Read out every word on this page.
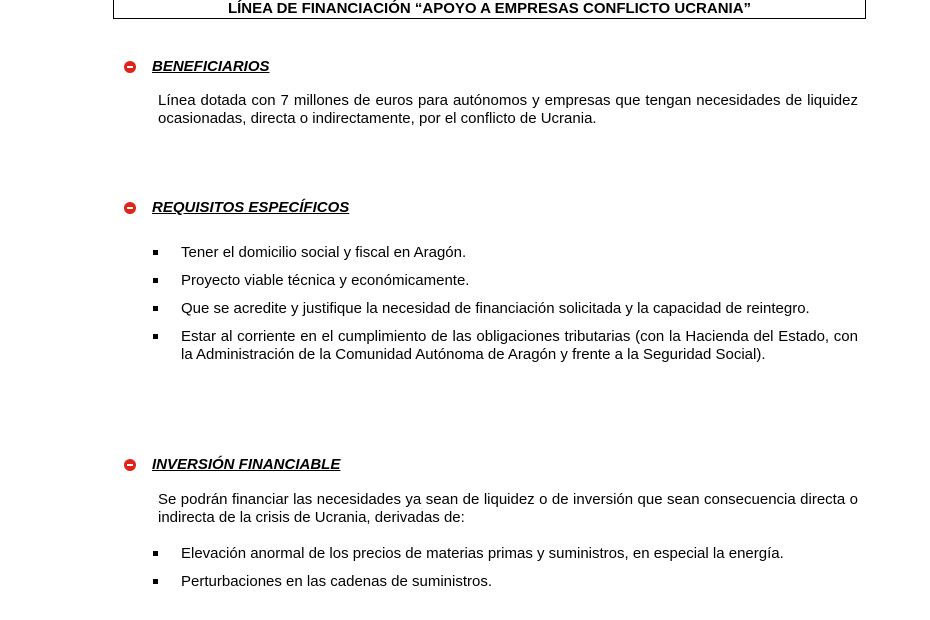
LÍNEA DE FINANCIACIÓN “APOYO A EMPRESAS CONFLICTO UCRANIA”
BENEFICIARIOS
Línea dotada con 7 millones de euros para autónomos y empresas que tengan necesidades de liquidez ocasionadas, directa o indirectamente, por el conflicto de Ucrania.
REQUISITOS ESPECÍFICOS
Tener el domicilio social y fiscal en Aragón.
Proyecto viable técnica y económicamente.
Que se acredite y justifique la necesidad de financiación solicitada y la capacidad de reintegro.
Estar al corriente en el cumplimiento de las obligaciones tributarias (con la Hacienda del Estado, con la Administración de la Comunidad Autónoma de Aragón y frente a la Seguridad Social).
INVERSIÓN FINANCIABLE
Se podrán financiar las necesidades ya sean de liquidez o de inversión que sean consecuencia directa o indirecta de la crisis de Ucrania, derivadas de:
Elevación anormal de los precios de materias primas y suministros, en especial la energía.
Perturbaciones en las cadenas de suministros.
